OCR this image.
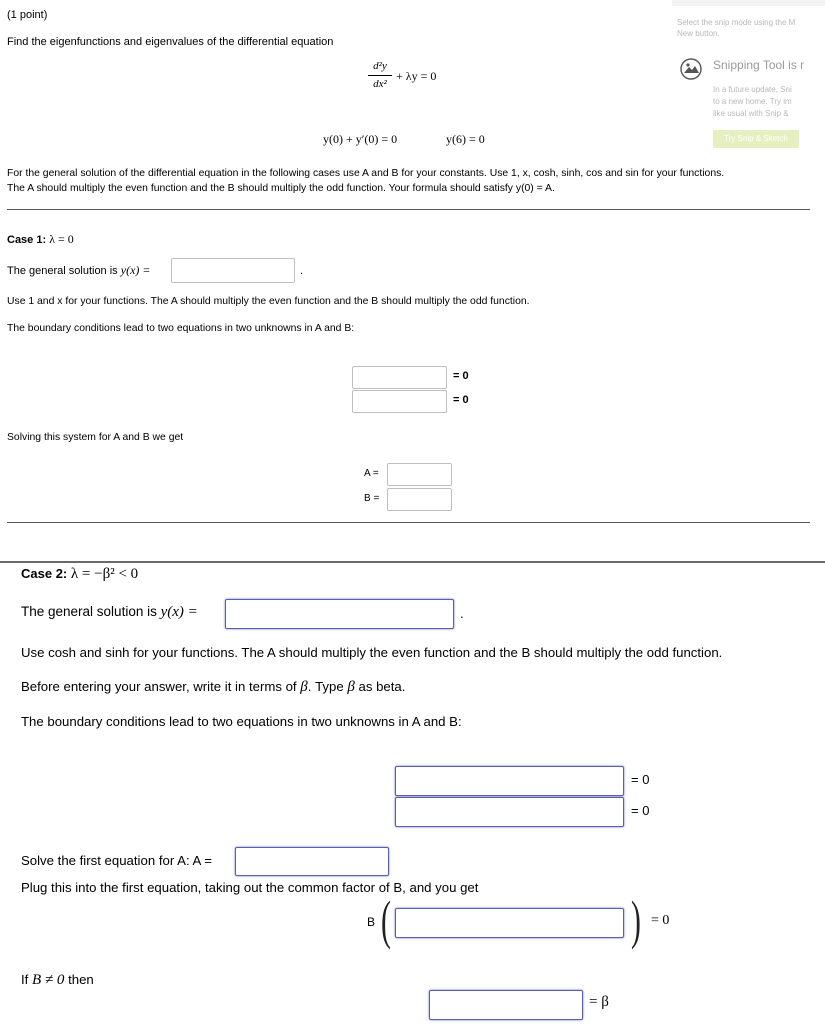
(1 point)
Find the eigenfunctions and eigenvalues of the differential equation
d²y
dx²
+ λy = 0
y(0) + y′(0) = 0	y(6) = 0
For the general solution of the differential equation in the following cases use A and B for your constants. Use 1, x, cosh, sinh, cos and sin for your functions.
The A should multiply the even function and the B should multiply the odd function. Your formula should satisfy y(0) = A.
Case 1: λ = 0
The general solution is y(x) =	.
Use 1 and x for your functions. The A should multiply the even function and the B should multiply the odd function.
The boundary conditions lead to two equations in two unknowns in A and B:
= 0
= 0
Solving this system for A and B we get
A =
B =
Case 2: λ = −β² < 0
The general solution is y(x) =	.
Use cosh and sinh for your functions. The A should multiply the even function and the B should multiply the odd function.
Before entering your answer, write it in terms of β. Type β as beta.
The boundary conditions lead to two equations in two unknowns in A and B:
= 0
= 0
Solve the first equation for A: A =
Plug this into the first equation, taking out the common factor of B, and you get
B (	) = 0
If B ≠ 0 then
= β
Select the snip mode using the M
New button.
Snipping Tool is r
In a future update, Sni
to a new home. Try im
like usual with Snip &
Try Snip & Sketch
